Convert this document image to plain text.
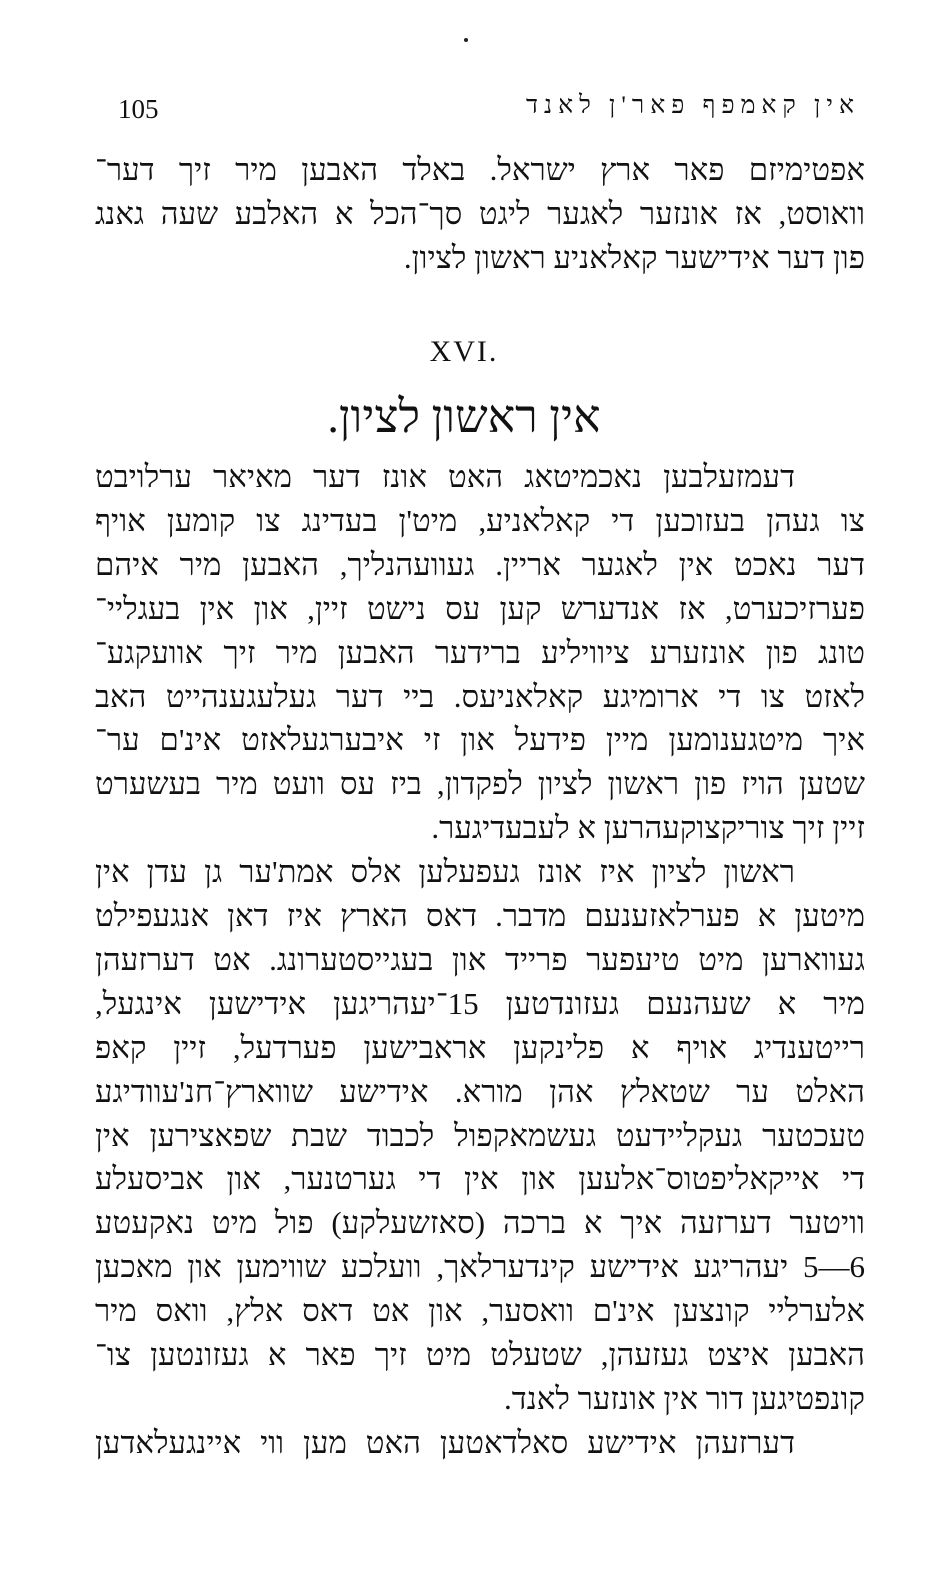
105	אין קאמפף פאר'ן לאנד
אפטימיזם פאר ארץ ישראל. באלד האבען מיר זיך דער־
וואוסט, אז אונזער לאגער ליגט סך־הכל א האלבע שעה גאנג
פון דער אידישער קאלאניע ראשון לציון.
XVI.
אין ראשון לציון.
דעמזעלבען נאכמיטאג האט אונז דער מאיאר ערלויבט
צו געהן בעזוכען די קאלאניע, מיט'ן בעדינג צו קומען אויף
דער נאכט אין לאגער אריין. געוועהנליך, האבען מיר איהם
פערזיכערט, אז אנדערש קען עס נישט זיין, און אין בעגליי־
טונג פון אונזערע ציוויליע ברידער האבען מיר זיך אוועקגע־
לאזט צו די ארומיגע קאלאניעס. ביי דער געלעגענהייט האב
איך מיטגענומען מיין פידעל און זי איבערגעלאזט אינ'ם ער־
שטען הויז פון ראשון לציון לפקדון, ביז עס וועט מיר בעשערט
זיין זיך צוריקצוקעהרען א לעבעדיגער.
ראשון לציון איז אונז געפעלען אלס אמת'ער גן עדן אין
מיטען א פערלאזענעם מדבר. דאס הארץ איז דאן אנגעפילט
געווארען מיט טיעפער פרייד און בעגייסטערונג. אט דערזעהן
מיר א שעהנעם געזונדטען 15־יעהריגען אידישען אינגעל,
רייטענדיג אויף א פלינקען אראבישען פערדעל, זיין קאפ
האלט ער שטאלץ אהן מורא. אידישע שווארץ־חנ'עוודיגע
טעכטער געקליידעט געשמאקפול לכבוד שבת שפאצירען אין
די אייקאליפטוס־אלעען און אין די גערטנער, און אביסעלע
וויטער דערזעה איך א ברכה (סאזשעלקע) פול מיט נאקעטע
6—5 יעהריגע אידישע קינדערלאך, וועלכע שווימען און מאכען
אלערליי קונצען אינ'ם וואסער, און אט דאס אלץ, וואס מיר
האבען איצט געזעהן, שטעלט מיט זיך פאר א געזונטען צו־
קונפטיגען דור אין אונזער לאנד.
דערזעהן אידישע סאלדאטען האט מען ווי איינגעלאדען
